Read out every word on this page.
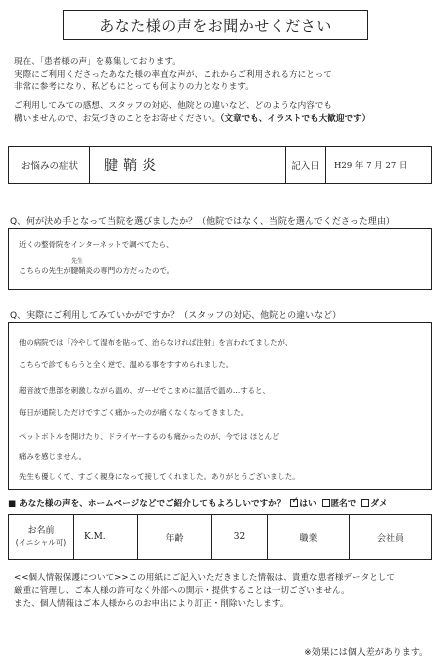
あなた様の声をお聞かせください
現在、「患者様の声」を募集しております。
実際にご利用くださったあなた様の率直な声が、これからご利用される方にとって
非常に参考になり、私どもにとっても何よりの力となります。
ご利用してみての感想、スタッフの対応、他院との違いなど、どのような内容でも
構いませんので、お気づきのことをお寄せください。（文章でも、イラストでも大歓迎です）
お悩みの症状	腱鞘炎	記入日	H29 年 7 月 27 日
Q、何が決め手となって当院を選びましたか？（他院ではなく、当院を選んでくださった理由）
近くの整骨院をインターネットで調べてたら、
先生
こちらの先生が腱鞘炎の専門の方だったので。
Q、実際にご利用してみていかがですか？（スタッフの対応、他院との違いなど）
他の病院では「冷やして湿布を貼って、治らなければ注射」を言われてましたが、
こちらで診てもらうと全く逆で、温める事をすすめられました。
超音波で患部を刺激しながら温め、ガーゼでこまめに温活で温め…すると、
毎日が通院しただけですごく痛かったのが痛くなくなってきました。
ペットボトルを開けたり、ドライヤーするのも痛かったのが、今では ほとんど
痛みを感じません。
先生も優しくて、すごく親身になって接してくれました。ありがとうございました。
■ あなた様の声を、ホームページなどでご紹介してもよろしいですか？
✓	はい	匿名で	ダメ
お名前
(イニシャル可)
K.M.	年齢	32	職業	会社員
<<個人情報保護について>>この用紙にご記入いただきました情報は、貴重な患者様データとして
厳重に管理し、ご本人様の許可なく外部への開示・提供することは一切ございません。
また、個人情報はご本人様からのお申出により訂正・削除いたします。
※効果には個人差があります。
